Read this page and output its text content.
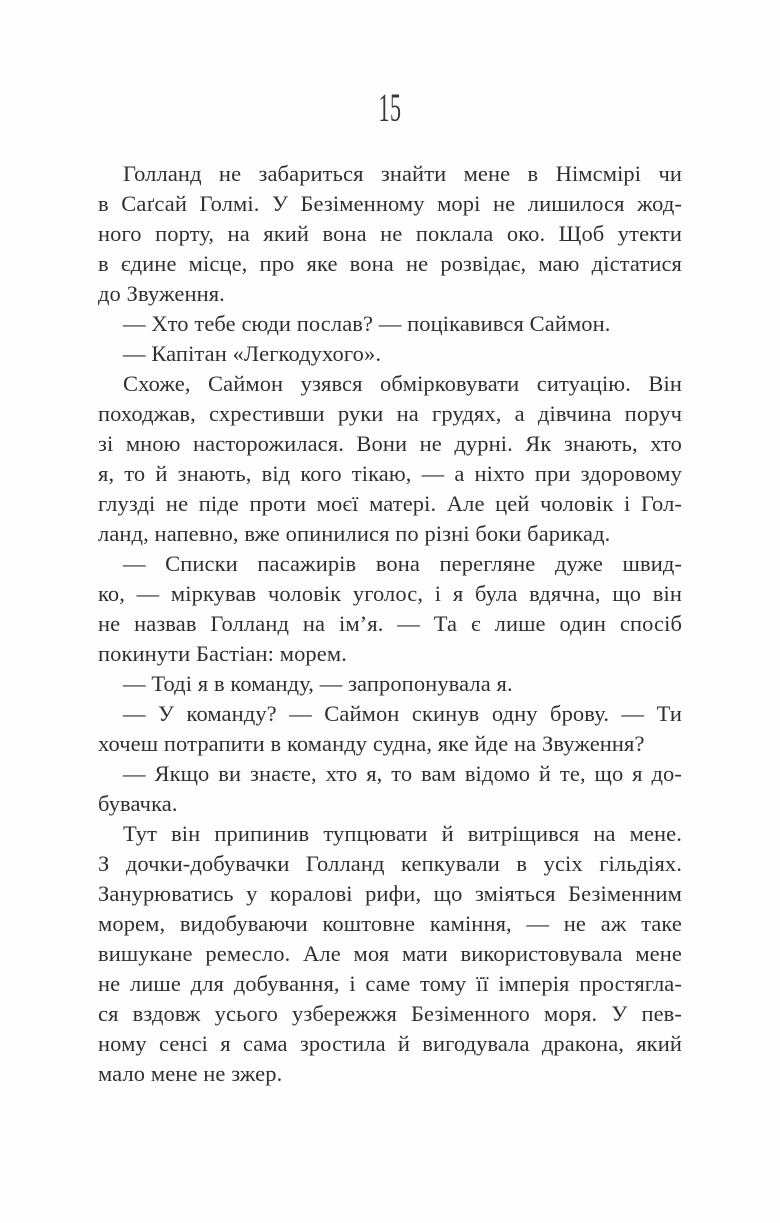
15
Голланд не забариться знайти мене в Німсмірі чи
в Саґсай Голмі. У Безіменному морі не лишилося жод-
ного порту, на який вона не поклала око. Щоб утекти
в єдине місце, про яке вона не розвідає, маю дістатися
до Звуження.
— Хто тебе сюди послав? — поцікавився Саймон.
— Капітан «Легкодухого».
Схоже, Саймон узявся обмірковувати ситуацію. Він
походжав, схрестивши руки на грудях, а дівчина поруч
зі мною насторожилася. Вони не дурні. Як знають, хто
я, то й знають, від кого тікаю, — а ніхто при здоровому
глузді не піде проти моєї матері. Але цей чоловік і Гол-
ланд, напевно, вже опинилися по різні боки барикад.
— Списки пасажирів вона перегляне дуже швид-
ко, — міркував чоловік уголос, і я була вдячна, що він
не назвав Голланд на ім’я. — Та є лише один спосіб
покинути Бастіан: морем.
— Тоді я в команду, — запропонувала я.
— У команду? — Саймон скинув одну брову. — Ти
хочеш потрапити в команду судна, яке йде на Звуження?
— Якщо ви знаєте, хто я, то вам відомо й те, що я до-
бувачка.
Тут він припинив тупцювати й витріщився на мене.
З дочки-добувачки Голланд кепкували в усіх гільдіях.
Занурюватись у коралові рифи, що зміяться Безіменним
морем, видобуваючи коштовне каміння, — не аж таке
вишукане ремесло. Але моя мати використовувала мене
не лише для добування, і саме тому її імперія простягла-
ся вздовж усього узбережжя Безіменного моря. У пев-
ному сенсі я сама зростила й вигодувала дракона, який
мало мене не зжер.
